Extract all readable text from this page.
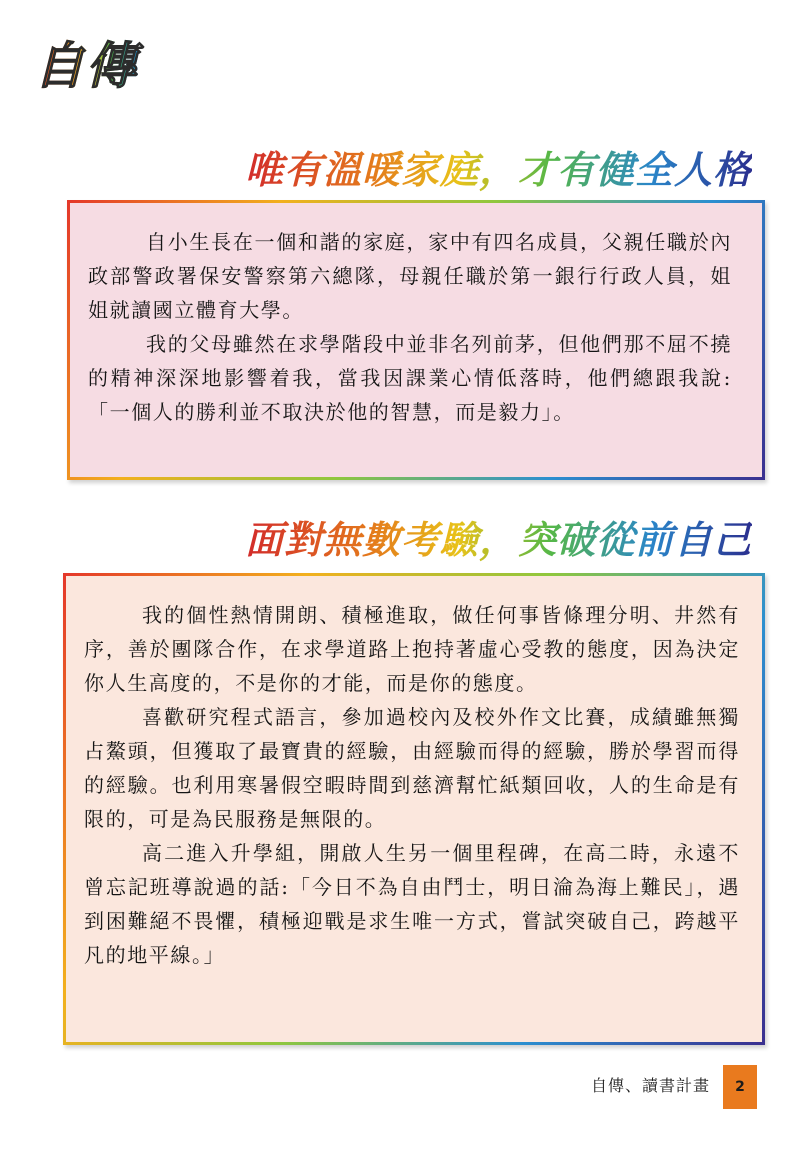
自傳
唯有溫暖家庭，才有健全人格

自小生長在一個和諧的家庭，家中有四名成員，父親任職於內政部警政署保安警察第六總隊，母親任職於第一銀行行政人員，姐姐就讀國立體育大學。

我的父母雖然在求學階段中並非名列前茅，但他們那不屈不撓的精神深深地影響着我，當我因課業心情低落時，他們總跟我說:「一個人的勝利並不取決於他的智慧，而是毅力」。

面對無數考驗，突破從前自己

我的個性熱情開朗、積極進取，做任何事皆條理分明、井然有序，善於團隊合作，在求學道路上抱持著虛心受教的態度，因為決定你人生高度的，不是你的才能，而是你的態度。

喜歡研究程式語言，參加過校內及校外作文比賽，成績雖無獨占鰲頭，但獲取了最寶貴的經驗，由經驗而得的經驗，勝於學習而得的經驗。也利用寒暑假空暇時間到慈濟幫忙紙類回收，人的生命是有限的，可是為民服務是無限的。

高二進入升學組，開啟人生另一個里程碑，在高二時，永遠不曾忘記班導說過的話:「今日不為自由鬥士，明日淪為海上難民」，遇到困難絕不畏懼，積極迎戰是求生唯一方式，嘗試突破自己，跨越平凡的地平線。」

自傳、讀書計畫	2
